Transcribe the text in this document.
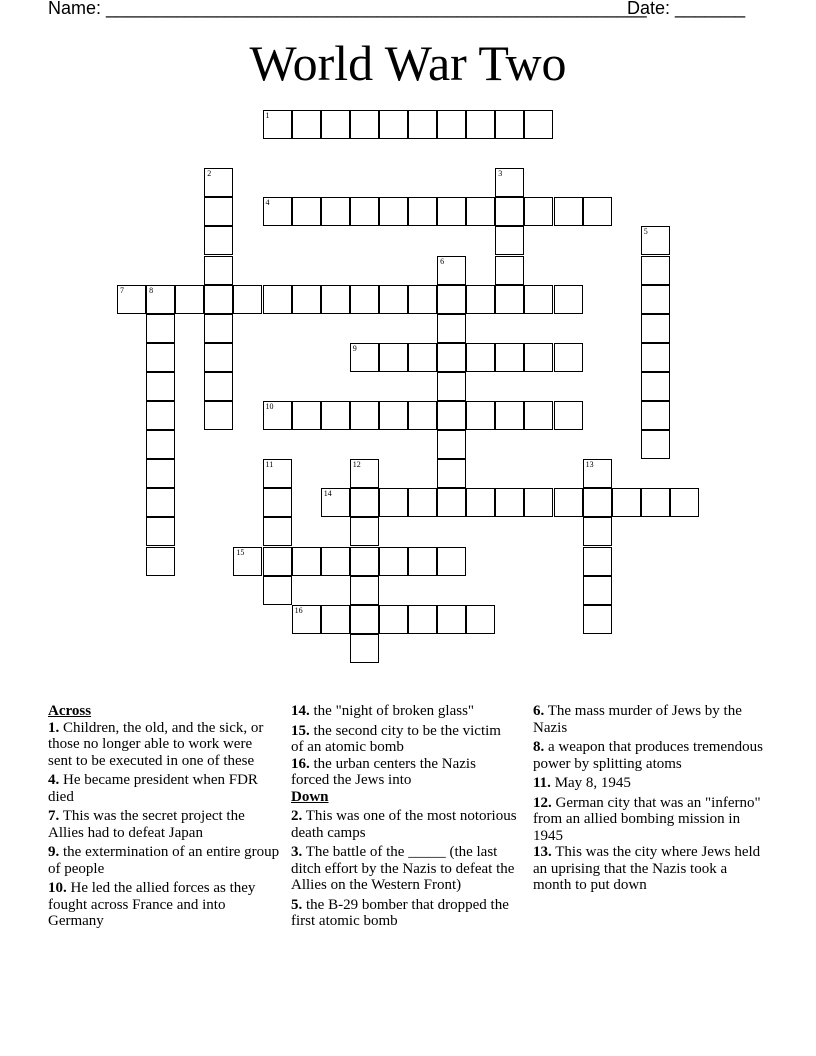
Name: ______________________________________________________
Date: _______
World War Two
1
2	3
4
5
6
7	8
9
10
11	12	13
14
15
16

Across

1. Children, the old, and the sick, or those no longer able to work were sent to be executed in one of these

4. He became president when FDR died

7. This was the secret project the Allies had to defeat Japan

9. the extermination of an entire group of people

10. He led the allied forces as they fought across France and into Germany

14. the "night of broken glass"

15. the second city to be the victim of an atomic bomb

16. the urban centers the Nazis forced the Jews into

Down

2. This was one of the most notorious death camps

3. The battle of the _____ (the last ditch effort by the Nazis to defeat the Allies on the Western Front)

5. the B-29 bomber that dropped the first atomic bomb

6. The mass murder of Jews by the Nazis

8. a weapon that produces tremendous power by splitting atoms

11. May 8, 1945

12. German city that was an "inferno" from an allied bombing mission in 1945

13. This was the city where Jews held an uprising that the Nazis took a month to put down
